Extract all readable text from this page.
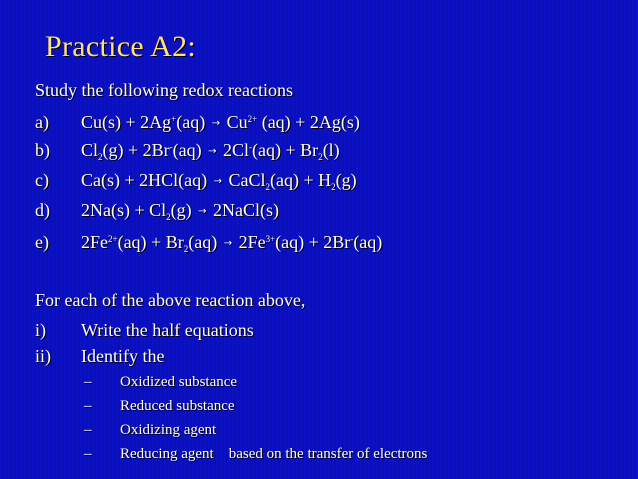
Practice A2:
Study the following redox reactions
a) $Cu(s) + 2Ag^+(aq) \to Cu^{2+}$ (aq) + 2Ag(s)
b) $Cl_2(g) + 2Br^-(aq) \to 2Cl^-(aq) + Br_2(l)$
c) Ca(s) + 2HCl(aq) → CaCl$_2$(aq) + $H_2(g)$
d) $2Na(s) + Cl_2(g)$ → 2NaCl(s)
e) $2Fe^{2+}(aq) + Br_2(aq) \to 2Fe^{3+}(aq) + 2Br^-(aq)$
For each of the above reaction above,
i) Write the half equations
ii) Identify the
– Oxidized substance
– Reduced substance
– Oxidizing agent
– Reducing agent    based on the transfer of electrons
